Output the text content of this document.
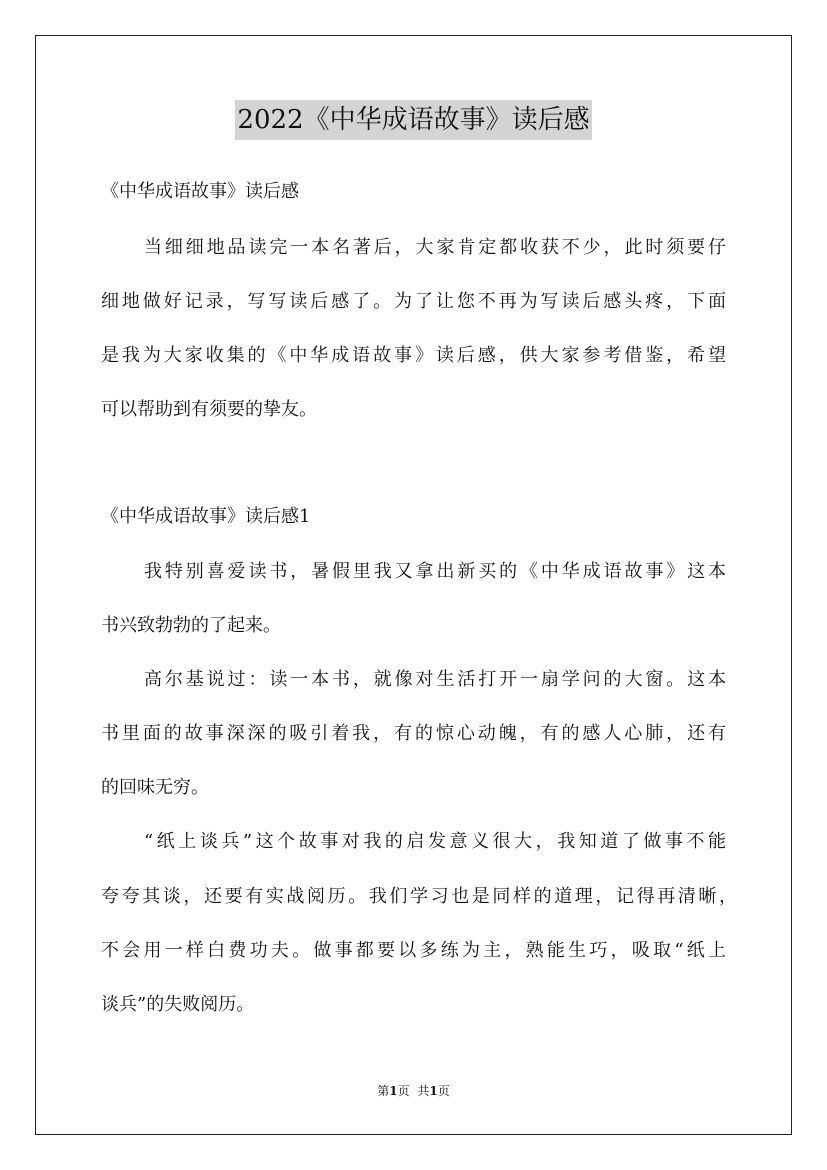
2022《中华成语故事》读后感
《中华成语故事》读后感
当细细地品读完一本名著后，大家肯定都收获不少，此时须要仔
细地做好记录，写写读后感了。为了让您不再为写读后感头疼，下面
是我为大家收集的《中华成语故事》读后感，供大家参考借鉴，希望
可以帮助到有须要的挚友。
《中华成语故事》读后感1
我特别喜爱读书，暑假里我又拿出新买的《中华成语故事》这本
书兴致勃勃的了起来。
高尔基说过：读一本书，就像对生活打开一扇学问的大窗。这本
书里面的故事深深的吸引着我，有的惊心动魄，有的感人心肺，还有
的回味无穷。
“纸上谈兵”这个故事对我的启发意义很大，我知道了做事不能
夸夸其谈，还要有实战阅历。我们学习也是同样的道理，记得再清晰，
不会用一样白费功夫。做事都要以多练为主，熟能生巧，吸取“纸上
谈兵”的失败阅历。
第1页 共1页
